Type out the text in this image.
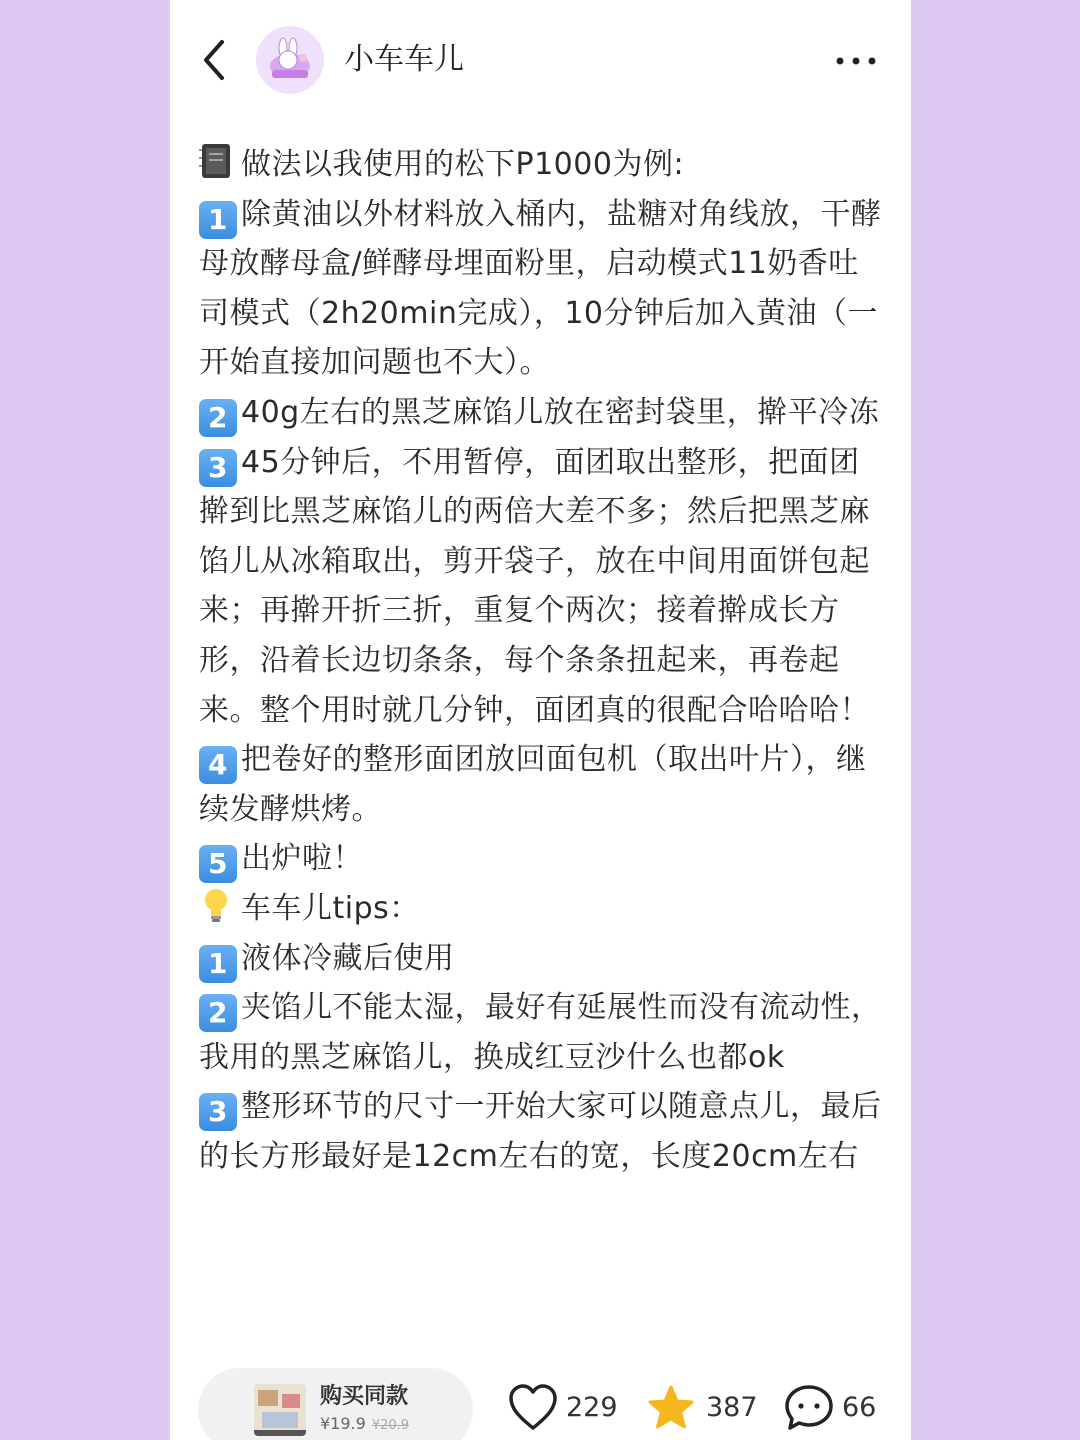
小车车儿

做法以我使用的松下P1000为例:

1 除黄油以外材料放入桶内，盐糖对角线放，干酵母放酵母盒/鲜酵母埋面粉里，启动模式11奶香吐司模式（2h20min完成），10分钟后加入黄油（一开始直接加问题也不大）。

2 40g左右的黑芝麻馅儿放在密封袋里，擀平冷冻

3 45分钟后，不用暂停，面团取出整形，把面团擀到比黑芝麻馅儿的两倍大差不多；然后把黑芝麻馅儿从冰箱取出，剪开袋子，放在中间用面饼包起来；再擀开折三折，重复个两次；接着擀成长方形，沿着长边切条条，每个条条扭起来，再卷起来。整个用时就几分钟，面团真的很配合哈哈哈！

4 把卷好的整形面团放回面包机（取出叶片），继续发酵烘烤。

5 出炉啦！

车车儿tips：

1 液体冷藏后使用

2 夹馅儿不能太湿，最好有延展性而没有流动性，我用的黑芝麻馅儿，换成红豆沙什么也都ok

3 整形环节的尺寸一开始大家可以随意点儿，最后的长方形最好是12cm左右的宽，长度20cm左右

购买同款
¥19.9 ¥20.9
229	387	66
